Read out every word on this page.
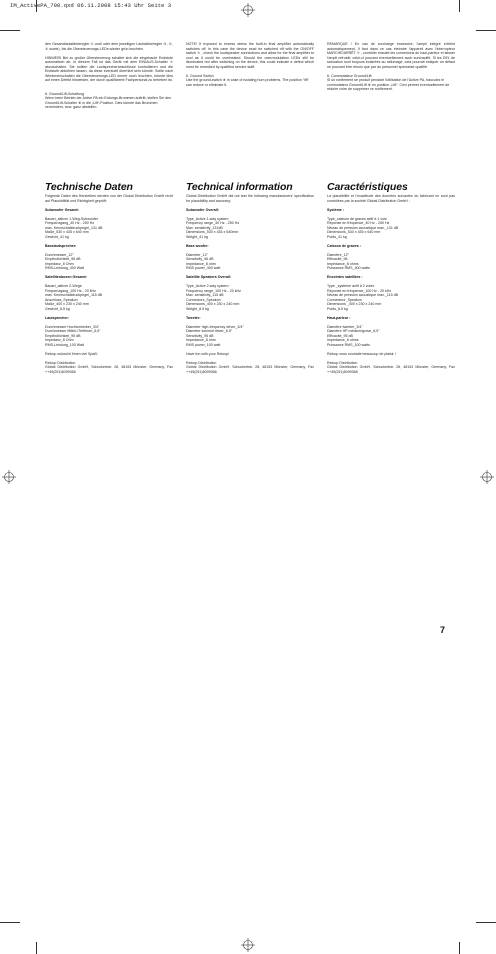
IM_ActivePA_700.qxd 06.11.2008 15:43 Uhr Seite 3

den Gesamtlautstärkeregler ① und/ oder dem jeweiligen Lautstärkeregler ③, ④, ⑤ sowie), bis die Übersteuerungs-LEDs wieder grün leuchten.

HINWEIS! Bei zu großer Übersteuerung schaltet sich die eingebaute Endstufe automatisch ab. In diesem Fall ist das Gerät mit dem EIN/AUS-Schalter ⑦ abzuschalten. Sie sollten die Lautsprecheranschlüsse kontrollieren und die Endstufe abkühlen lassen, da diese eventuell überhitzt sein könnte. Sollte nach Wiedereinschalten die Übersteuerungs-LED immer noch leuchten, könnte dies auf einen Defekt hinweisen, der durch qualifizierte Fachpersonal zu beheben ist.

6. Ground/Lift-Schaltung

Wenn beim Betrieb der Active PA ein Erdungs-Brummen auftritt, stellen Sie den Ground/Lift-Schalter ⑧ in die „Lift“-Position. Dies könnte das Brummen vermindern, bzw. ganz abstellen.

NOTE! If exposed to excess stress the built-in final amplifier automatically switches off. In this case the device must be switched off with the ON/OFF switch ⑦ , check the loudspeaker connections and allow for the final amplifier to cool as it could be overheated. Should the overmodulation LEDs still be illuminated red after switching on the device, this could indicate a defect which must be remedied by qualified service staff.

6. Ground Switch

Use the ground-switch ⑧ in case of isolating hum problems. The position “lift” can reduce or eliminate it.

REMARQUE ! En cas de surcharge excessive, l'ampli intégré s'éteint automatiquement. Il faut dans ce cas éteindre l'appareil avec l'interrupteur MARCHE/ARRÊT ⑦ , contrôler ensuite les connexions du haut-parleur et laisser l'ampli refroidir, celui-ci pouvant éventuellement avoir surchauffé. Si les DEL de saturation sont toujours éclairées au rallumage, cela pourrait indiquer un défaut ne pouvant être résolu que par du personnel spécialisé qualifié.

6. Commutateur Ground/Lift

Si un ronflement se produit pendant l'utilisation de l'Active PA, basculez le commutateur Ground/Lift ⑧ en position „Lift“. Ceci permet éventuellement de réduire voire de supprimer ce ronflement.

Technische Daten

Folgende Daten des Herstellers werden von der Global Distribution GmbH nicht auf Plausibilität und Richtigkeit geprüft:

Subwoofer Gesamt:
Bauart_aktiver 1-Weg-Subwoofer
Frequenzgang_40 Hz - 250 Hz
max. Kennschalldruckpegel_131 dB
Maße_530 x 435 x 640 mm
Gewicht_41 kg
Basslautsprecher:
Durchmesser_12"
Empfindlichkeit_96 dB
Impedanz_8 Ohm
RMS-Leistung_400 Watt
Satellitenboxen Gesamt:
Bauart_aktiver 2-Wege
Frequenzgang_100 Hz - 20 kHz
max. Kennschalldruckpegel_115 dB
Anschluss_Speakon
Maße_400 x 230 x 240 mm
Gewicht_8,5 kg
Lautsprecher:
Durchmesser Hochtontreiber_3/4"
Durchmesser Mittel-/Tieftöner_6,5"
Empfindlichkeit_95 dB
Impedanz_8 Ohm
RMS-Leistung_100 Watt

Reloop wünscht Ihnen viel Spaß!

Reloop Distribution
Global Distribution GmbH, Schuckertstr. 28, 48153 Münster, Germany, Fax ++49(251)6099368
Technical information

Global Distribution GmbH did not test the following manufacturers’ specification for plausibility and accuracy:

Subwoofer Overall:
Type_Active 1-way system
Frequency range_40 Hz - 250 Hz
Max. sensitivity_131dB
Dimensions_530 x 435 x 640mm
Weight_41 kg
Bass woofer:
Diameter_12"
Sensitivity_96 dB
Impedance_8 ohm
RMS power_400 watt
Satellite Speakers Overall:
Type_Active 2-way system
Frequency range_100 Hz - 20 kHz
Max. sensitivity_115 dB
Connectors_Speakon
Dimensions_400 x 230 x 240 mm
Weight_8.5 kg
Tweeter:
Diameter high-frequency driver_3/4"
Diameter low/mid driver_6.5"
Sensitivity_95 dB
Impedance_8 ohm
RMS power_100 watt

Have fun with your Reloop!

Reloop Distribution
Global Distribution GmbH, Schuckertstr. 28, 48153 Münster, Germany, Fax ++49(251)6099368
Caractéristiques

La plausibilité et l'exactitude des données suivantes du fabricant ne sont pas contrôlées par la société Global Distribution GmbH :

Système :
Type_caisson de graves actif à 1 voie
Réponse en fréquence_40 Hz - 250 Hz
Niveau de pression acoustique max._131 dB
Dimensions_530 x 435 x 640 mm
Poids_41 kg
Caisson de graves :
Diamètre_12"
Efficacité_96
Impédance_8 ohms
Puissance RMS_400 watts
Enceintes satellites :
Type _système actif à 2 voies
Réponse en fréquence_100 Hz - 20 kHz
Niveau de pression acoustique max._115 dB
Connecteur_Speakon
Dimensions _400 x 230 x 240 mm
Poids_8,5 kg
Haut-parleur :
Diamètre tweeter_3/4"
Diamètre HP médium/grave_6,5"
Efficacité_95 dB
Impédance_8 ohms
Puissance RMS_100 watts

Reloop vous souhaite beaucoup de plaisir !

Reloop Distribution
Global Distribution GmbH, Schuckertstr. 28, 48153 Münster, Germany, Fax ++49(251)6099368
7
